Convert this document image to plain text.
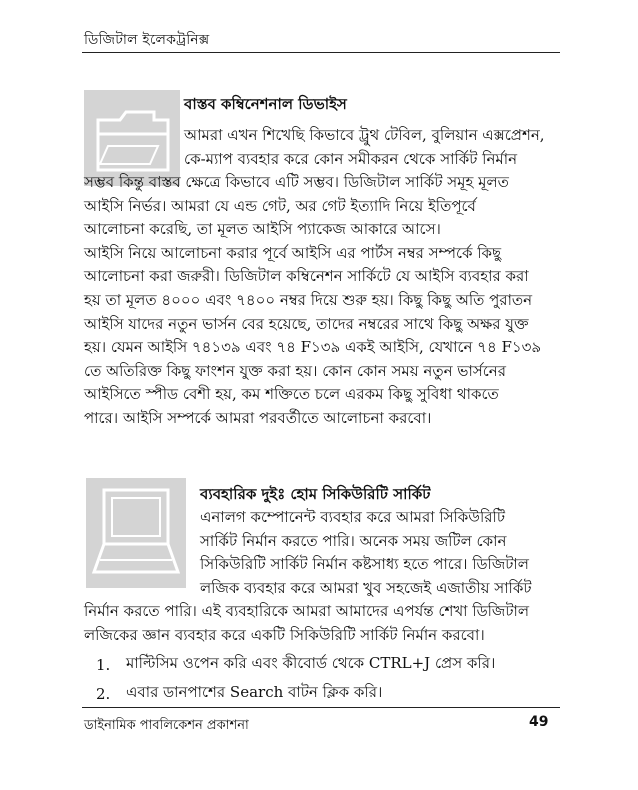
ডিজিটাল ইলেকট্রনিক্স
বাস্তব কম্বিনেশনাল ডিভাইস
আমরা এখন শিখেছি কিভাবে ট্রুথ টেবিল, বুলিয়ান এক্সপ্রেশন,
কে-ম্যাপ ব্যবহার করে কোন সমীকরন থেকে সার্কিট নির্মান
সম্ভব কিন্তু বাস্তব ক্ষেত্রে কিভাবে এটি সম্ভব। ডিজিটাল সার্কিট সমূহ মূলত
আইসি নির্ভর। আমরা যে এন্ড গেট, অর গেট ইত্যাদি নিয়ে ইতিপূর্বে
আলোচনা করেছি, তা মূলত আইসি প্যাকেজ আকারে আসে।
আইসি নিয়ে আলোচনা করার পূর্বে আইসি এর পার্টস নম্বর সম্পর্কে কিছু
আলোচনা করা জরুরী। ডিজিটাল কম্বিনেশন সার্কিটে যে আইসি ব্যবহার করা
হয় তা মূলত ৪০০০ এবং ৭৪০০ নম্বর দিয়ে শুরু হয়। কিছু কিছু অতি পুরাতন
আইসি যাদের নতুন ভার্সন বের হয়েছে, তাদের নম্বরের সাথে কিছু অক্ষর যুক্ত
হয়। যেমন আইসি ৭৪১৩৯ এবং ৭৪ F১৩৯ একই আইসি, যেখানে ৭৪ F১৩৯
তে অতিরিক্ত কিছু ফাংশন যুক্ত করা হয়। কোন কোন সময় নতুন ভার্সনের
আইসিতে স্পীড বেশী হয়, কম শক্তিতে চলে এরকম কিছু সুবিধা থাকতে
পারে। আইসি সম্পর্কে আমরা পরবর্তীতে আলোচনা করবো।
ব্যবহারিক দুইঃ হোম সিকিউরিটি সার্কিট
এনালগ কম্পোনেন্ট ব্যবহার করে আমরা সিকিউরিটি
সার্কিট নির্মান করতে পারি। অনেক সময় জটিল কোন
সিকিউরিটি সার্কিট নির্মান কষ্টসাধ্য হতে পারে। ডিজিটাল
লজিক ব্যবহার করে আমরা খুব সহজেই এজাতীয় সার্কিট
নির্মান করতে পারি। এই ব্যবহারিকে আমরা আমাদের এপর্যন্ত শেখা ডিজিটাল
লজিকের জ্ঞান ব্যবহার করে একটি সিকিউরিটি সার্কিট নির্মান করবো।
1.	মাল্টিসিম ওপেন করি এবং কীবোর্ড থেকে CTRL+J প্রেস করি।
2.	এবার ডানপাশের Search বাটন ক্লিক করি।
ডাইনামিক পাবলিকেশন প্রকাশনা	49
